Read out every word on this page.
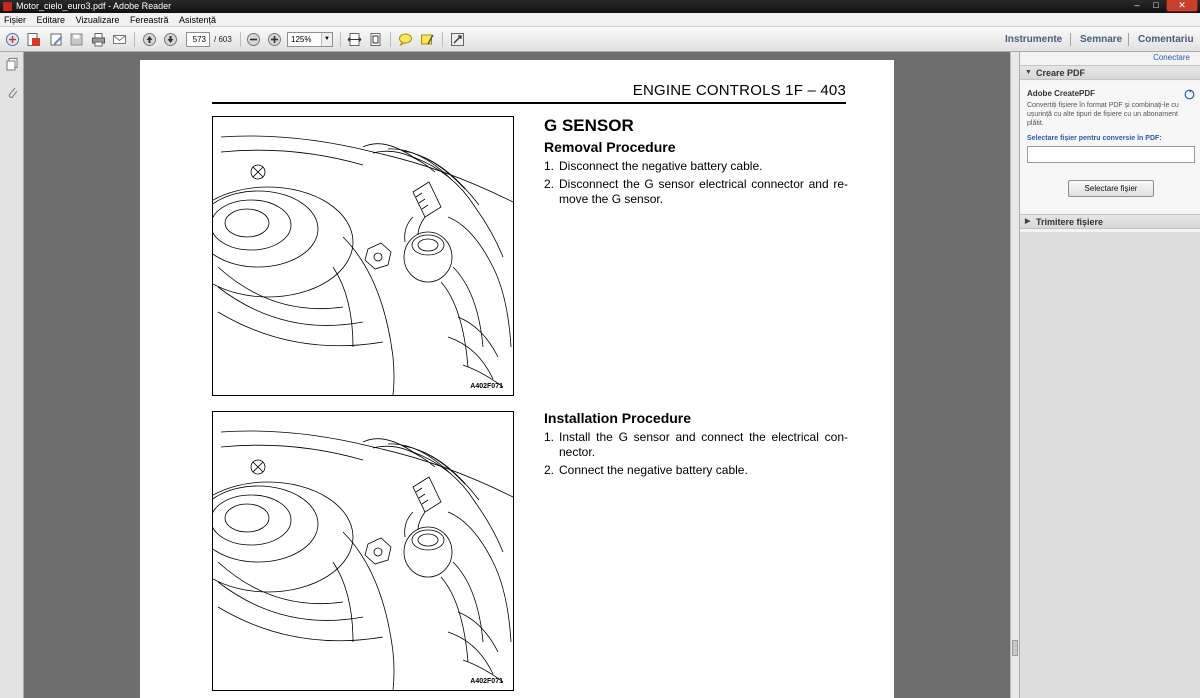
Motor_cielo_euro3.pdf - Adobe Reader	–	□	✕
Fișier Editare Vizualizare Fereastră Asistență
573	/ 603	125%	▼	Instrumente Semnare Comentariu
ENGINE CONTROLS 1F – 403
A402F071
A402F071
G SENSOR
Removal Procedure
1. Disconnect the negative battery cable.
2. Disconnect the G sensor electrical connector and re-move the G sensor.
Installation Procedure
1. Install the G sensor and connect the electrical con-nector.
2. Connect the negative battery cable.
Conectare
▼ Creare PDF
Adobe CreatePDF
Convertiți fișiere în format PDF și combinați-le cu ușurință cu alte tipuri de fișiere cu un abonament plătit.
Selectare fișier pentru conversie în PDF:
Selectare fișier
▶ Trimitere fișiere
